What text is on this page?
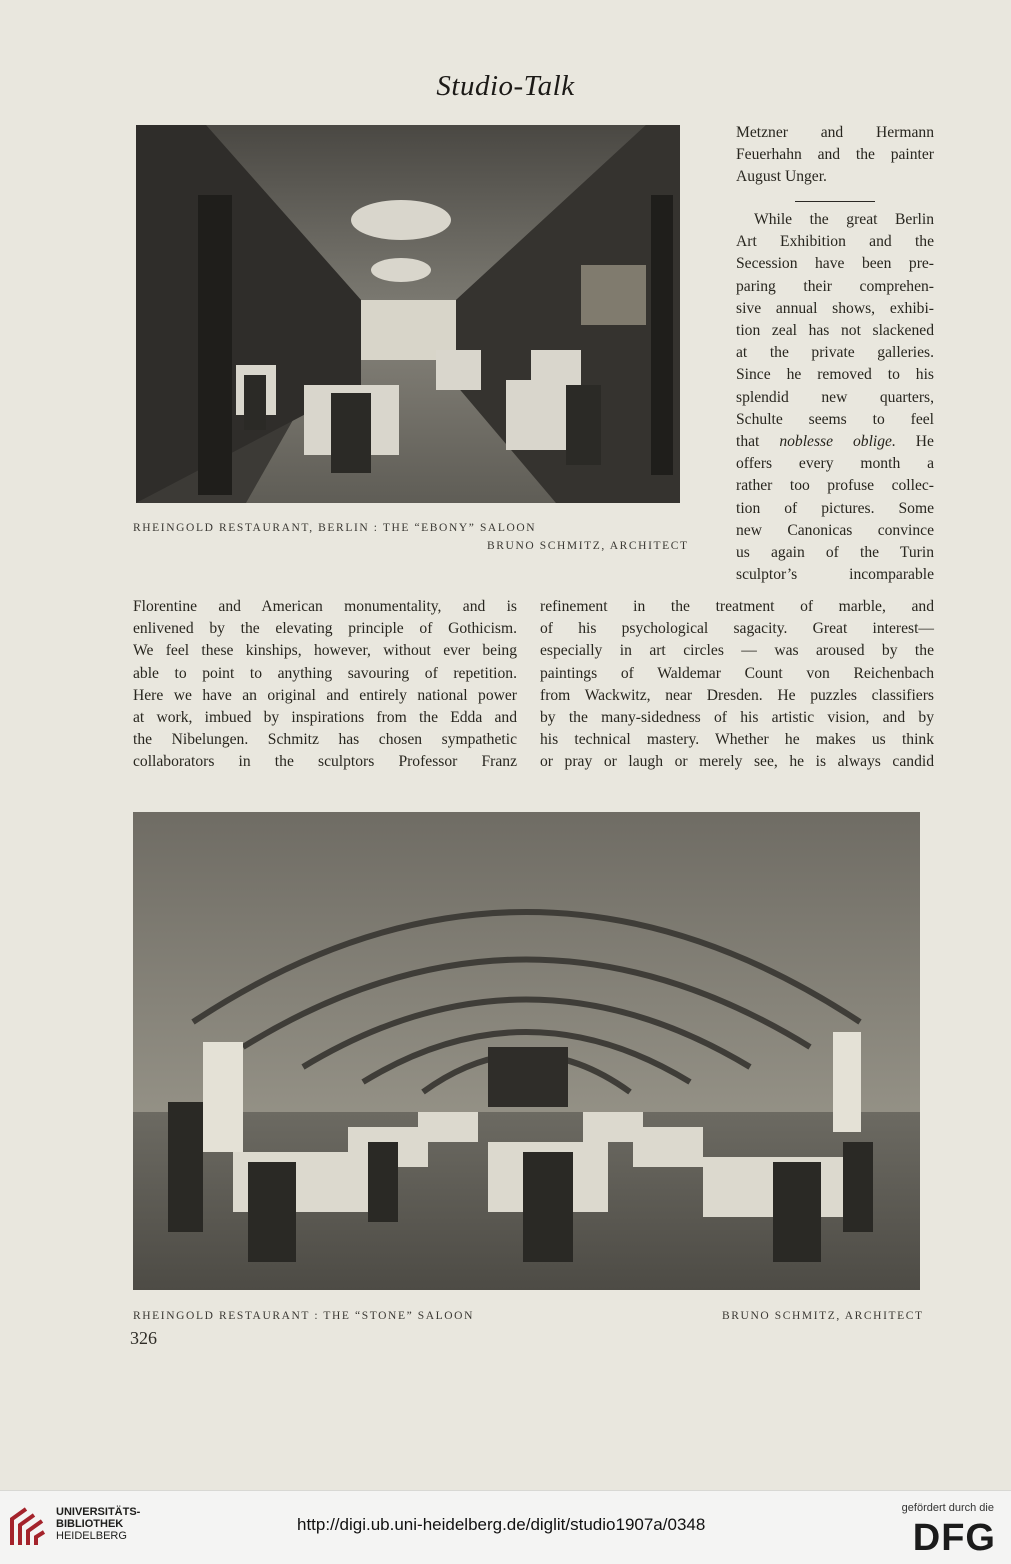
Studio-Talk
RHEINGOLD RESTAURANT, BERLIN : THE “EBONY” SALOON
BRUNO SCHMITZ, ARCHITECT

Metzner and Hermann

Feuerhahn and the painter

August Unger.

While the great Berlin

Art Exhibition and the

Secession have been pre-

paring their comprehen-

sive annual shows, exhibi-

tion zeal has not slackened

at the private galleries.

Since he removed to his

splendid new quarters,

Schulte seems to feel

that noblesse oblige. He

offers every month a

rather too profuse collec-

tion of pictures. Some

new Canonicas convince

us again of the Turin

sculptor’s incomparable

Florentine and American monumentality, and is

enlivened by the elevating principle of Gothicism.

We feel these kinships, however, without ever being

able to point to anything savouring of repetition.

Here we have an original and entirely national power

at work, imbued by inspirations from the Edda and

the Nibelungen. Schmitz has chosen sympathetic

collaborators in the sculptors Professor Franz

refinement in the treatment of marble, and

of his psychological sagacity. Great interest—

especially in art circles — was aroused by the

paintings of Waldemar Count von Reichenbach

from Wackwitz, near Dresden. He puzzles classifiers

by the many-sidedness of his artistic vision, and by

his technical mastery. Whether he makes us think

or pray or laugh or merely see, he is always candid

RHEINGOLD RESTAURANT : THE “STONE” SALOON	BRUNO SCHMITZ, ARCHITECT
326
UNIVERSITÄTS-
BIBLIOTHEK
HEIDELBERG
http://digi.ub.uni-heidelberg.de/diglit/studio1907a/0348
gefördert durch die
DFG
